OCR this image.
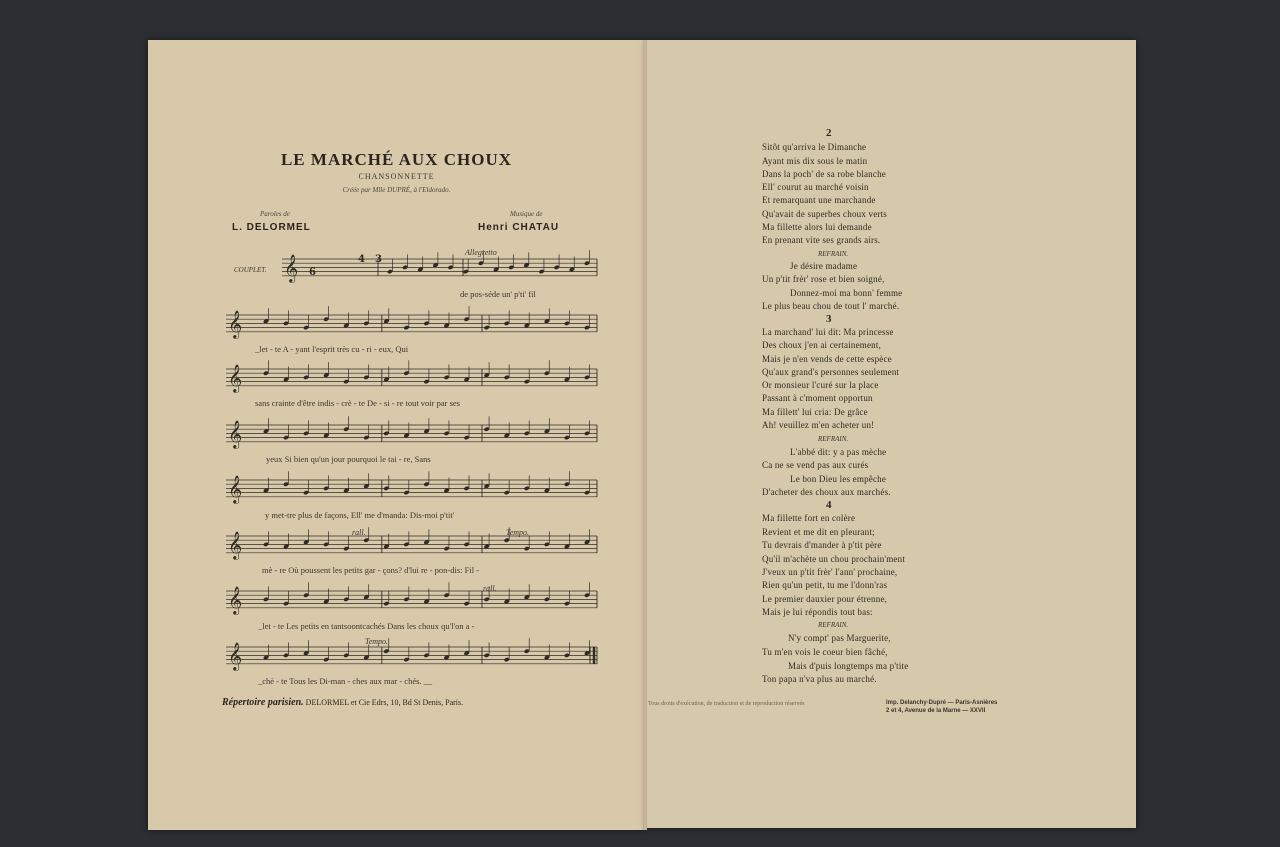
LE MARCHÉ AUX CHOUX
CHANSONNETTE
Créée par Mlle DUPRÉ, à l'Eldorado.
Paroles de
L. DELORMEL
Musique de
Henri CHATAU
𝄞
𝄞
𝄞
𝄞
𝄞
𝄞
𝄞
𝄞
4 3
6
COUPLET.
Allegretto
rall.	Tempo.
rall.
Tempo.
de pos-séde un' p'ti' fil
_let - te A - yant l'esprit très cu - ri - eux, Qui
sans crainte d'être indis - crè - te De - si - re tout voir par ses
yeux Si bien qu'un jour pourquoi le tai - re, Sans
y met-tre plus de façons, Ell' me d'manda: Dis-moi p'tit'
mè - re Où poussent les petits gar - çons? d'lui re - pon-dis: Fil -
_let - te Les petits en tantsoontcachés Dans les choux qu'l'on a -
_chè - te Tous les Di-man - ches aux mar - chés. __
Répertoire parisien. DELORMEL et Cie Edrs, 10, Bd St Denis, Paris.	Tous droits d'exécution, de traduction et de reproduction réservés	Imp. Delanchy-Dupré — Paris-Asnières
2 et 4, Avenue de la Marne — XXVII
2
Sitôt qu'arriva le Dimanche
Ayant mis dix sous le matin
Dans la poch' de sa robe blanche
Ell' courut au marché voisin
Et remarquant une marchande
Qu'avait de superbes choux verts
Ma fillette alors lui demande
En prenant vite ses grands airs.
REFRAIN.
Je désire madame
Un p'tit frèr' rose et bien soigné,
Donnez-moi ma bonn' femme
Le plus beau chou de tout l' marché.
3
La marchand' lui dit: Ma princesse
Des choux j'en ai certainement,
Mais je n'en vends de cette espèce
Qu'aux grand's personnes seulement
Or monsieur l'curé sur la place
Passant à c'moment opportun
Ma fillett' lui cria: De grâce
Ah! veuillez m'en acheter un!
REFRAIN.
L'abbé dit: y a pas mèche
Ca ne se vend pas aux curés
Le bon Dieu les empêche
D'acheter des choux aux marchés.
4
Ma fillette fort en colère
Revient et me dit en pleurant;
Tu devrais d'mander à p'tit père
Qu'il m'achète un chou prochain'ment
J'veux un p'tit frèr' l'ann' prochaine,
Rien qu'un petit, tu me l'donn'ras
Le premier dauxier pour étrenne,
Mais je lui répondis tout bas:
REFRAIN.
N'y compt' pas Marguerite,
Tu m'en vois le coeur bien fâché,
Mais d'puis longtemps ma p'tite
Ton papa n'va plus au marché.
